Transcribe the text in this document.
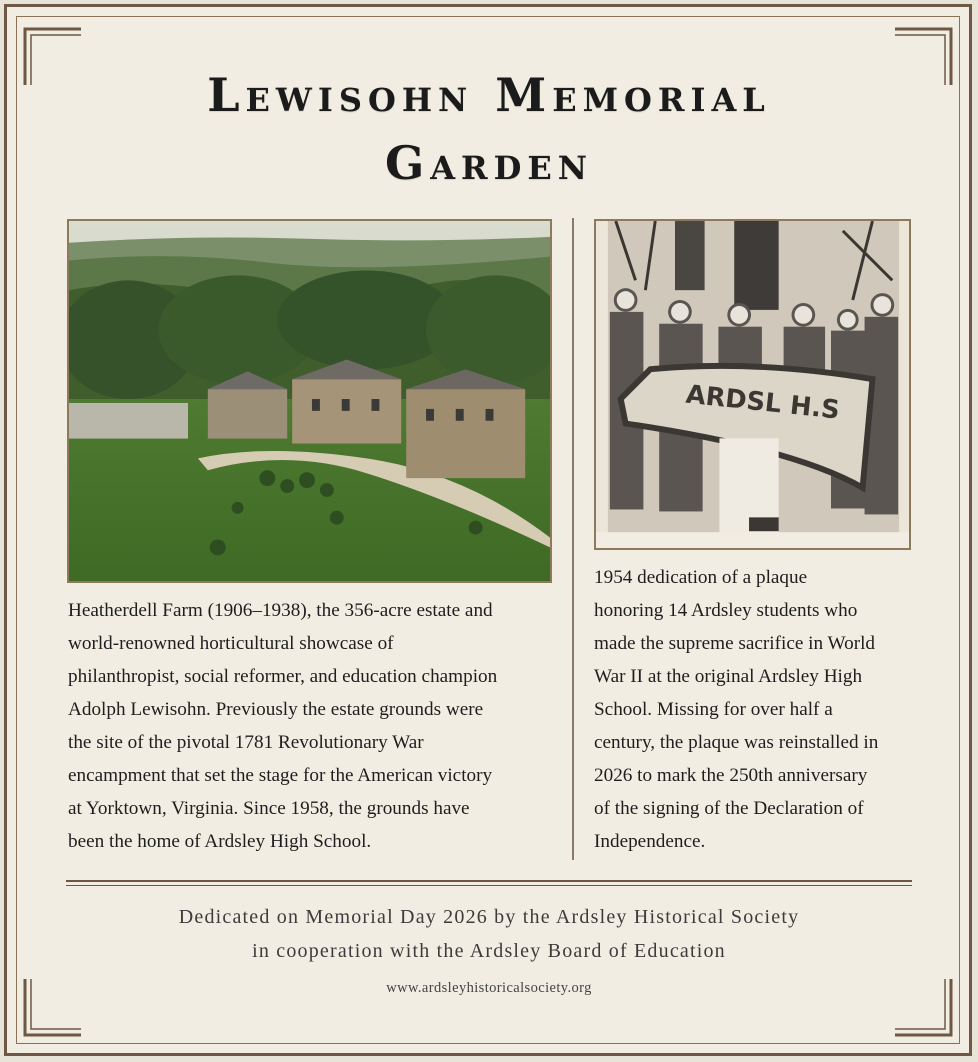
Lewisohn Memorial
Garden
Heatherdell Farm (1906–1938), the 356-acre estate and
world-renowned horticultural showcase of
philanthropist, social reformer, and education champion
Adolph Lewisohn. Previously the estate grounds were
the site of the pivotal 1781 Revolutionary War
encampment that set the stage for the American victory
at Yorktown, Virginia. Since 1958, the grounds have
been the home of Ardsley High School.
ARDSL H.S
1954 dedication of a plaque
honoring 14 Ardsley students who
made the supreme sacrifice in World
War II at the original Ardsley High
School. Missing for over half a
century, the plaque was reinstalled in
2026 to mark the 250th anniversary
of the signing of the Declaration of
Independence.
Dedicated on Memorial Day 2026 by the Ardsley Historical Society
in cooperation with the Ardsley Board of Education
www.ardsleyhistoricalsociety.org
